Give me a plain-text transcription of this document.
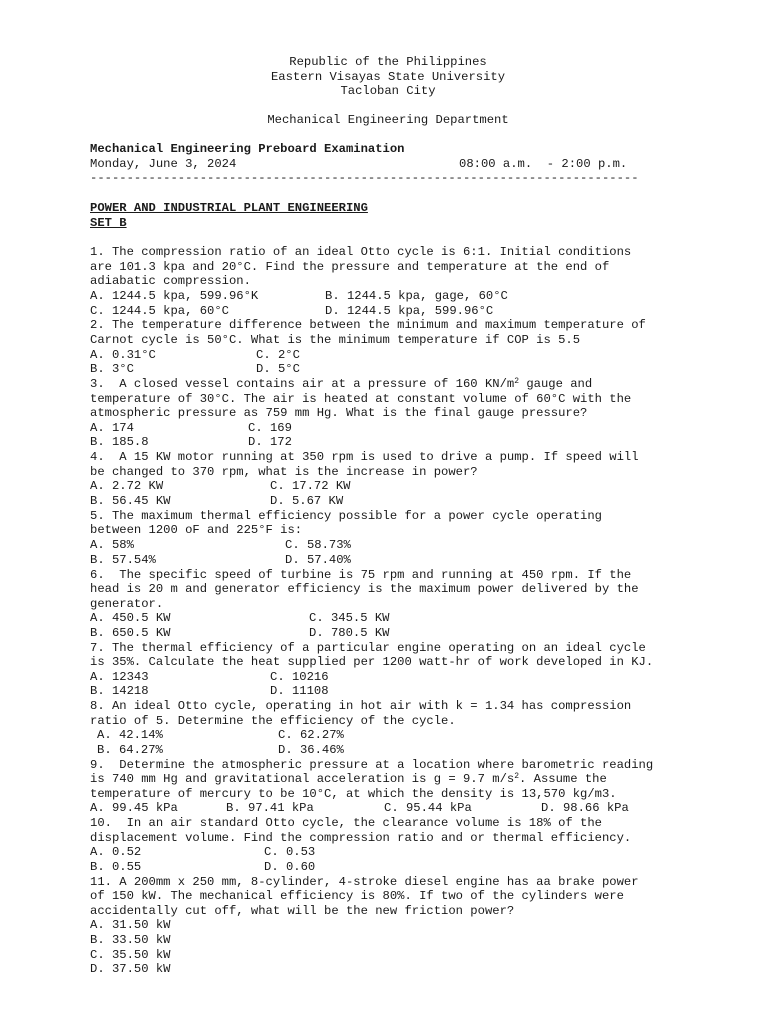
Republic of the Philippines
Eastern Visayas State University
Tacloban City
Mechanical Engineering Department
Mechanical Engineering Preboard Examination
Monday, June 3, 2024	08:00 a.m.  - 2:00 p.m.
---------------------------------------------------------------------------
POWER AND INDUSTRIAL PLANT ENGINEERING
SET B
1. The compression ratio of an ideal Otto cycle is 6:1. Initial conditions
are 101.3 kpa and 20°C. Find the pressure and temperature at the end of
adiabatic compression.
A. 1244.5 kpa, 599.96°K	B. 1244.5 kpa, gage, 60°C
C. 1244.5 kpa, 60°C	D. 1244.5 kpa, 599.96°C
2. The temperature difference between the minimum and maximum temperature of
Carnot cycle is 50°C. What is the minimum temperature if COP is 5.5
A. 0.31°C	C. 2°C
B. 3°C	D. 5°C
3.  A closed vessel contains air at a pressure of 160 $KN/m^2$ gauge and
temperature of 30°C. The air is heated at constant volume of 60°C with the
atmospheric pressure as 759 mm Hg. What is the final gauge pressure?
A. 174	C. 169
B. 185.8	D. 172
4.  A 15 KW motor running at 350 rpm is used to drive a pump. If speed will
be changed to 370 rpm, what is the increase in power?
A. 2.72 KW	C. 17.72 KW
B. 56.45 KW	D. 5.67 KW
5. The maximum thermal efficiency possible for a power cycle operating
between 1200 oF and 225°F is:
A. 58%	C. 58.73%
B. 57.54%	D. 57.40%
6.  The specific speed of turbine is 75 rpm and running at 450 rpm. If the
head is 20 m and generator efficiency is the maximum power delivered by the
generator.
A. 450.5 KW	C. 345.5 KW
B. 650.5 KW	D. 780.5 KW
7. The thermal efficiency of a particular engine operating on an ideal cycle
is 35%. Calculate the heat supplied per 1200 watt-hr of work developed in KJ.
A. 12343	C. 10216
B. 14218	D. 11108
8. An ideal Otto cycle, operating in hot air with k = 1.34 has compression
ratio of 5. Determine the efficiency of the cycle.
A. 42.14%	C. 62.27%
B. 64.27%	D. 36.46%
9.  Determine the atmospheric pressure at a location where barometric reading
is 740 mm Hg and gravitational acceleration is g = 9.7 $m/s^2$. Assume the
temperature of mercury to be 10°C, at which the density is 13,570 kg/m3.
A. 99.45 kPa	B. 97.41 kPa	C. 95.44 kPa	D. 98.66 kPa
10.  In an air standard Otto cycle, the clearance volume is 18% of the
displacement volume. Find the compression ratio and or thermal efficiency.
A. 0.52	C. 0.53
B. 0.55	D. 0.60
11. A 200mm x 250 mm, 8-cylinder, 4-stroke diesel engine has aa brake power
of 150 kW. The mechanical efficiency is 80%. If two of the cylinders were
accidentally cut off, what will be the new friction power?
A. 31.50 kW
B. 33.50 kW
C. 35.50 kW
D. 37.50 kW
